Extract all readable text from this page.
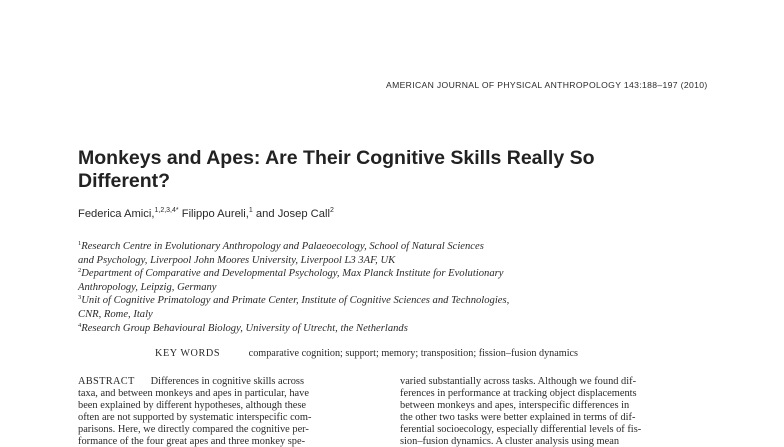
AMERICAN JOURNAL OF PHYSICAL ANTHROPOLOGY 143:188–197 (2010)
Monkeys and Apes: Are Their Cognitive Skills Really So
Different?
Federica Amici,$^{1,2,3,4*}$ Filippo Aureli,$^1$ and Josep Call$^2$
$^1$Research Centre in Evolutionary Anthropology and Palaeoecology, School of Natural Sciences
and Psychology, Liverpool John Moores University, Liverpool L3 3AF, UK
$^2$Department of Comparative and Developmental Psychology, Max Planck Institute for Evolutionary
Anthropology, Leipzig, Germany
$^3$Unit of Cognitive Primatology and Primate Center, Institute of Cognitive Sciences and Technologies,
CNR, Rome, Italy
$^4$Research Group Behavioural Biology, University of Utrecht, the Netherlands
KEY WORDS	comparative cognition; support; memory; transposition; fission–fusion dynamics
ABSTRACT Differences in cognitive skills across
taxa, and between monkeys and apes in particular, have
been explained by different hypotheses, although these
often are not supported by systematic interspecific com-
parisons. Here, we directly compared the cognitive per-
formance of the four great apes and three monkey spe-
varied substantially across tasks. Although we found dif-
ferences in performance at tracking object displacements
between monkeys and apes, interspecific differences in
the other two tasks were better explained in terms of dif-
ferential socioecology, especially differential levels of fis-
sion–fusion dynamics. A cluster analysis using mean
